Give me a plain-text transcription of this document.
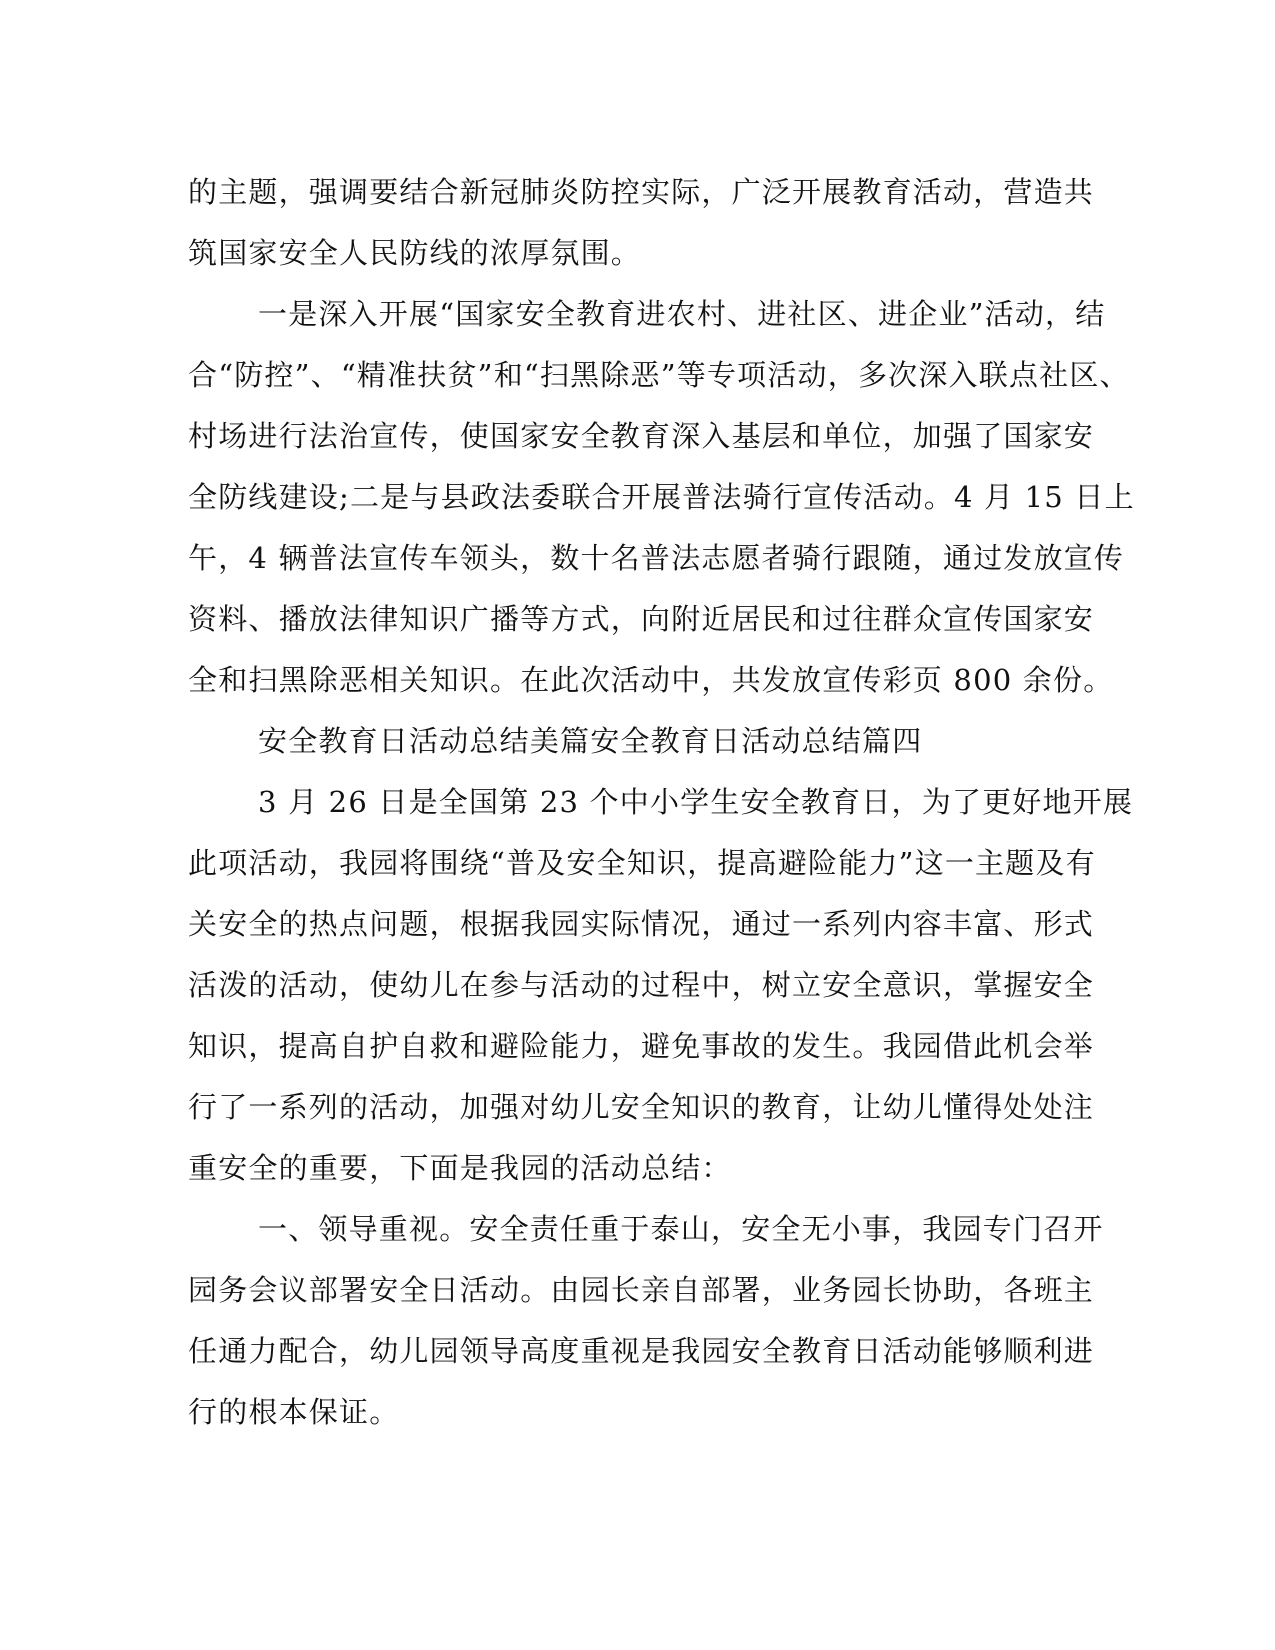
的主题，强调要结合新冠肺炎防控实际，广泛开展教育活动，营造共
筑国家安全人民防线的浓厚氛围。

一是深入开展“国家安全教育进农村、进社区、进企业”活动，结
合“防控”、“精准扶贫”和“扫黑除恶”等专项活动，多次深入联点社区、
村场进行法治宣传，使国家安全教育深入基层和单位，加强了国家安
全防线建设;二是与县政法委联合开展普法骑行宣传活动。4 月 15 日上
午，4 辆普法宣传车领头，数十名普法志愿者骑行跟随，通过发放宣传
资料、播放法律知识广播等方式，向附近居民和过往群众宣传国家安
全和扫黑除恶相关知识。在此次活动中，共发放宣传彩页 800 余份。

安全教育日活动总结美篇安全教育日活动总结篇四

3 月 26 日是全国第 23 个中小学生安全教育日，为了更好地开展
此项活动，我园将围绕“普及安全知识，提高避险能力”这一主题及有
关安全的热点问题，根据我园实际情况，通过一系列内容丰富、形式
活泼的活动，使幼儿在参与活动的过程中，树立安全意识，掌握安全
知识，提高自护自救和避险能力，避免事故的发生。我园借此机会举
行了一系列的活动，加强对幼儿安全知识的教育，让幼儿懂得处处注
重安全的重要，下面是我园的活动总结：

一、领导重视。安全责任重于泰山，安全无小事，我园专门召开
园务会议部署安全日活动。由园长亲自部署，业务园长协助，各班主
任通力配合，幼儿园领导高度重视是我园安全教育日活动能够顺利进
行的根本保证。
